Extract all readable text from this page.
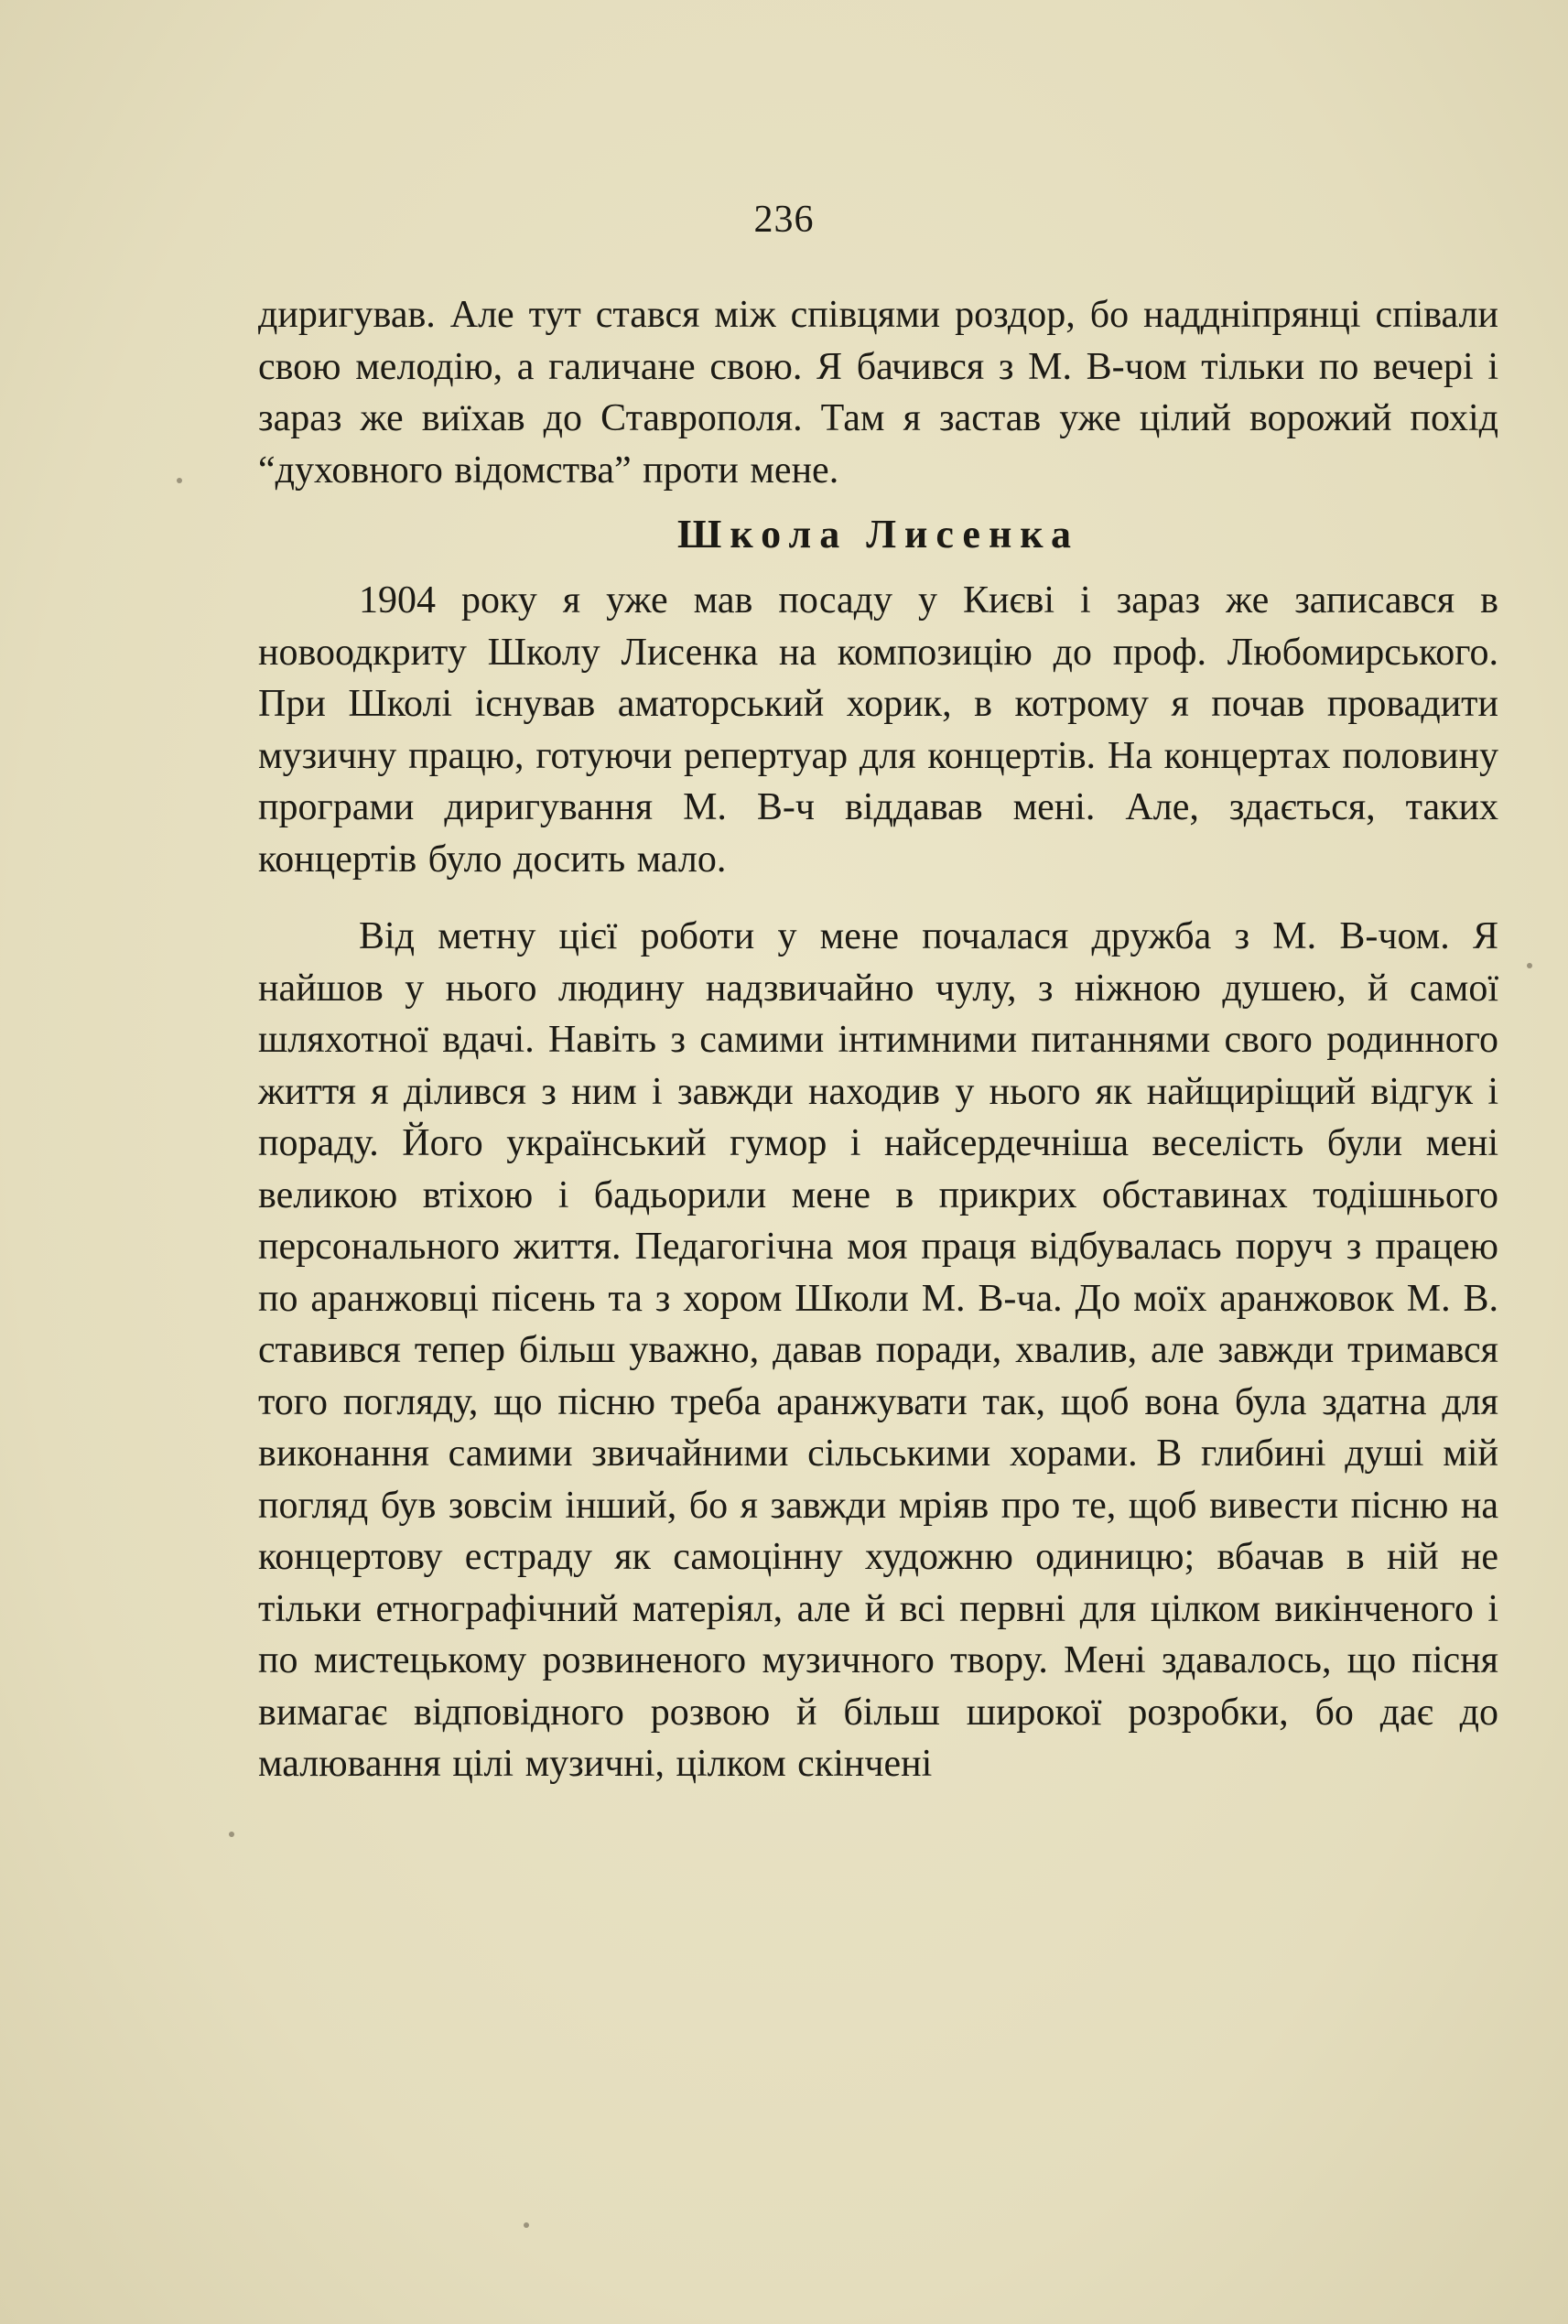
236

диригував. Але тут стався між співцями роздор, бо наддніпрянці співали свою мелодію, а галичане свою. Я бачився з М. В-чом тільки по вечері і зараз же виїхав до Ставрополя. Там я застав уже цілий ворожий похід “духовного відомства” проти мене.

Школа Лисенка

1904 року я уже мав посаду у Києві і зараз же записався в новоодкриту Школу Лисенка на композицію до проф. Любомирського. При Школі існував аматорський хорик, в котрому я почав провадити музичну працю, готуючи репертуар для концертів. На концертах половину програми диригування М. В-ч віддавав мені. Але, здається, таких концертів було досить мало.

Від метну цієї роботи у мене почалася дружба з М. В-чом. Я найшов у нього людину надзвичайно чулу, з ніжною душею, й самої шляхотної вдачі. Навіть з самими інтимними питаннями свого родинного життя я ділився з ним і завжди находив у нього як найщиріщий відгук і пораду. Його український гумор і найсердечніша веселість були мені великою втіхою і бадьорили мене в прикрих обставинах тодішнього персонального життя. Педагогічна моя праця відбувалась поруч з працею по аранжовці пісень та з хором Школи М. В-ча. До моїх аранжовок М. В. ставився тепер більш уважно, давав поради, хвалив, але завжди тримався того погляду, що пісню треба аранжувати так, щоб вона була здатна для виконання самими звичайними сільськими хорами. В глибині душі мій погляд був зовсім інший, бо я завжди мріяв про те, щоб вивести пісню на концертову естраду як самоцінну художню одиницю; вбачав в ній не тільки етнографічний матеріял, але й всі первні для цілком викінченого і по мистецькому розвиненого музичного твору. Мені здавалось, що пісня вимагає відповідного розвою й більш широкої розробки, бо дає до малювання цілі музичні, цілком скінчені
